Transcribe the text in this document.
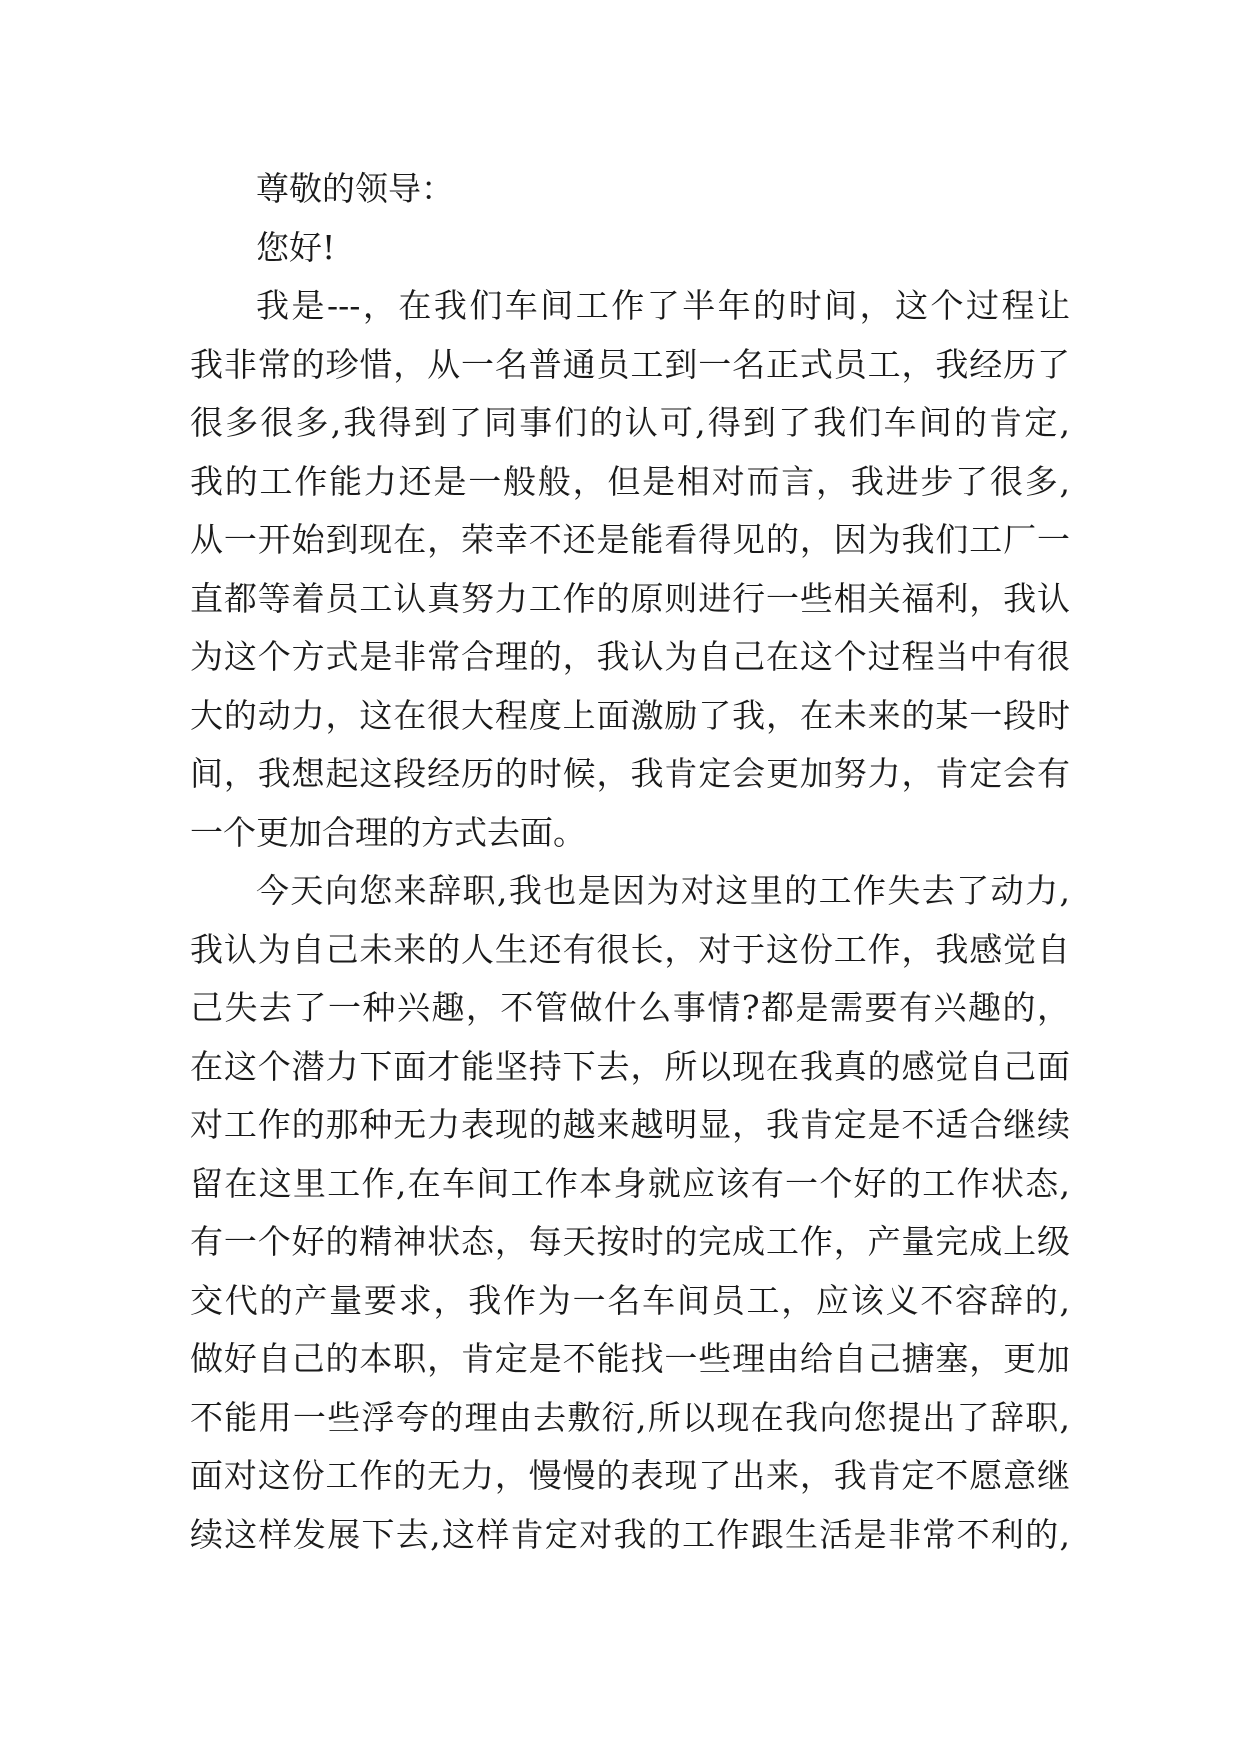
尊敬的领导：
您好!
我是---，在我们车间工作了半年的时间，这个过程让
我非常的珍惜，从一名普通员工到一名正式员工，我经历了
很多很多,我得到了同事们的认可,得到了我们车间的肯定,
我的工作能力还是一般般，但是相对而言，我进步了很多,
从一开始到现在，荣幸不还是能看得见的，因为我们工厂一
直都等着员工认真努力工作的原则进行一些相关福利，我认
为这个方式是非常合理的，我认为自己在这个过程当中有很
大的动力，这在很大程度上面激励了我，在未来的某一段时
间，我想起这段经历的时候，我肯定会更加努力，肯定会有
一个更加合理的方式去面。
今天向您来辞职,我也是因为对这里的工作失去了动力,
我认为自己未来的人生还有很长，对于这份工作，我感觉自
己失去了一种兴趣，不管做什么事情?都是需要有兴趣的，
在这个潜力下面才能坚持下去，所以现在我真的感觉自己面
对工作的那种无力表现的越来越明显，我肯定是不适合继续
留在这里工作,在车间工作本身就应该有一个好的工作状态,
有一个好的精神状态，每天按时的完成工作，产量完成上级
交代的产量要求，我作为一名车间员工，应该义不容辞的,
做好自己的本职，肯定是不能找一些理由给自己搪塞，更加
不能用一些浮夸的理由去敷衍,所以现在我向您提出了辞职,
面对这份工作的无力，慢慢的表现了出来，我肯定不愿意继
续这样发展下去,这样肯定对我的工作跟生活是非常不利的,
